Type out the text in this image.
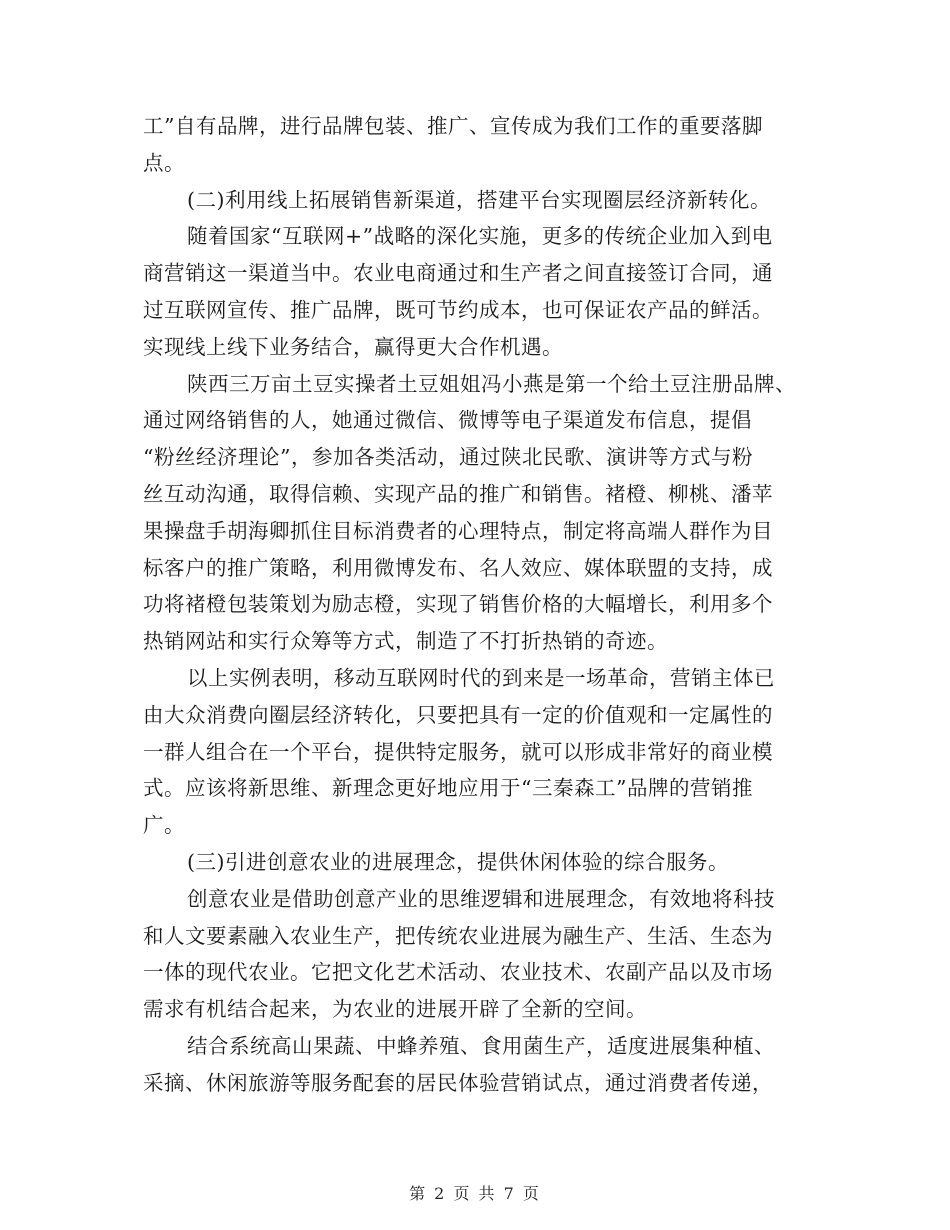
工”自有品牌，进行品牌包装、推广、宣传成为我们工作的重要落脚
点。
(二)利用线上拓展销售新渠道，搭建平台实现圈层经济新转化。
随着国家“互联网+”战略的深化实施，更多的传统企业加入到电
商营销这一渠道当中。农业电商通过和生产者之间直接签订合同，通
过互联网宣传、推广品牌，既可节约成本，也可保证农产品的鲜活。
实现线上线下业务结合，赢得更大合作机遇。
陕西三万亩土豆实操者土豆姐姐冯小燕是第一个给土豆注册品牌、
通过网络销售的人，她通过微信、微博等电子渠道发布信息，提倡
“粉丝经济理论”，参加各类活动，通过陕北民歌、演讲等方式与粉
丝互动沟通，取得信赖、实现产品的推广和销售。褚橙、柳桃、潘苹
果操盘手胡海卿抓住目标消费者的心理特点，制定将高端人群作为目
标客户的推广策略，利用微博发布、名人效应、媒体联盟的支持，成
功将褚橙包装策划为励志橙，实现了销售价格的大幅增长，利用多个
热销网站和实行众筹等方式，制造了不打折热销的奇迹。
以上实例表明，移动互联网时代的到来是一场革命，营销主体已
由大众消费向圈层经济转化，只要把具有一定的价值观和一定属性的
一群人组合在一个平台，提供特定服务，就可以形成非常好的商业模
式。应该将新思维、新理念更好地应用于“三秦森工”品牌的营销推
广。
(三)引进创意农业的进展理念，提供休闲体验的综合服务。
创意农业是借助创意产业的思维逻辑和进展理念，有效地将科技
和人文要素融入农业生产，把传统农业进展为融生产、生活、生态为
一体的现代农业。它把文化艺术活动、农业技术、农副产品以及市场
需求有机结合起来，为农业的进展开辟了全新的空间。
结合系统高山果蔬、中蜂养殖、食用菌生产，适度进展集种植、
采摘、休闲旅游等服务配套的居民体验营销试点，通过消费者传递，
第 2 页 共 7 页
